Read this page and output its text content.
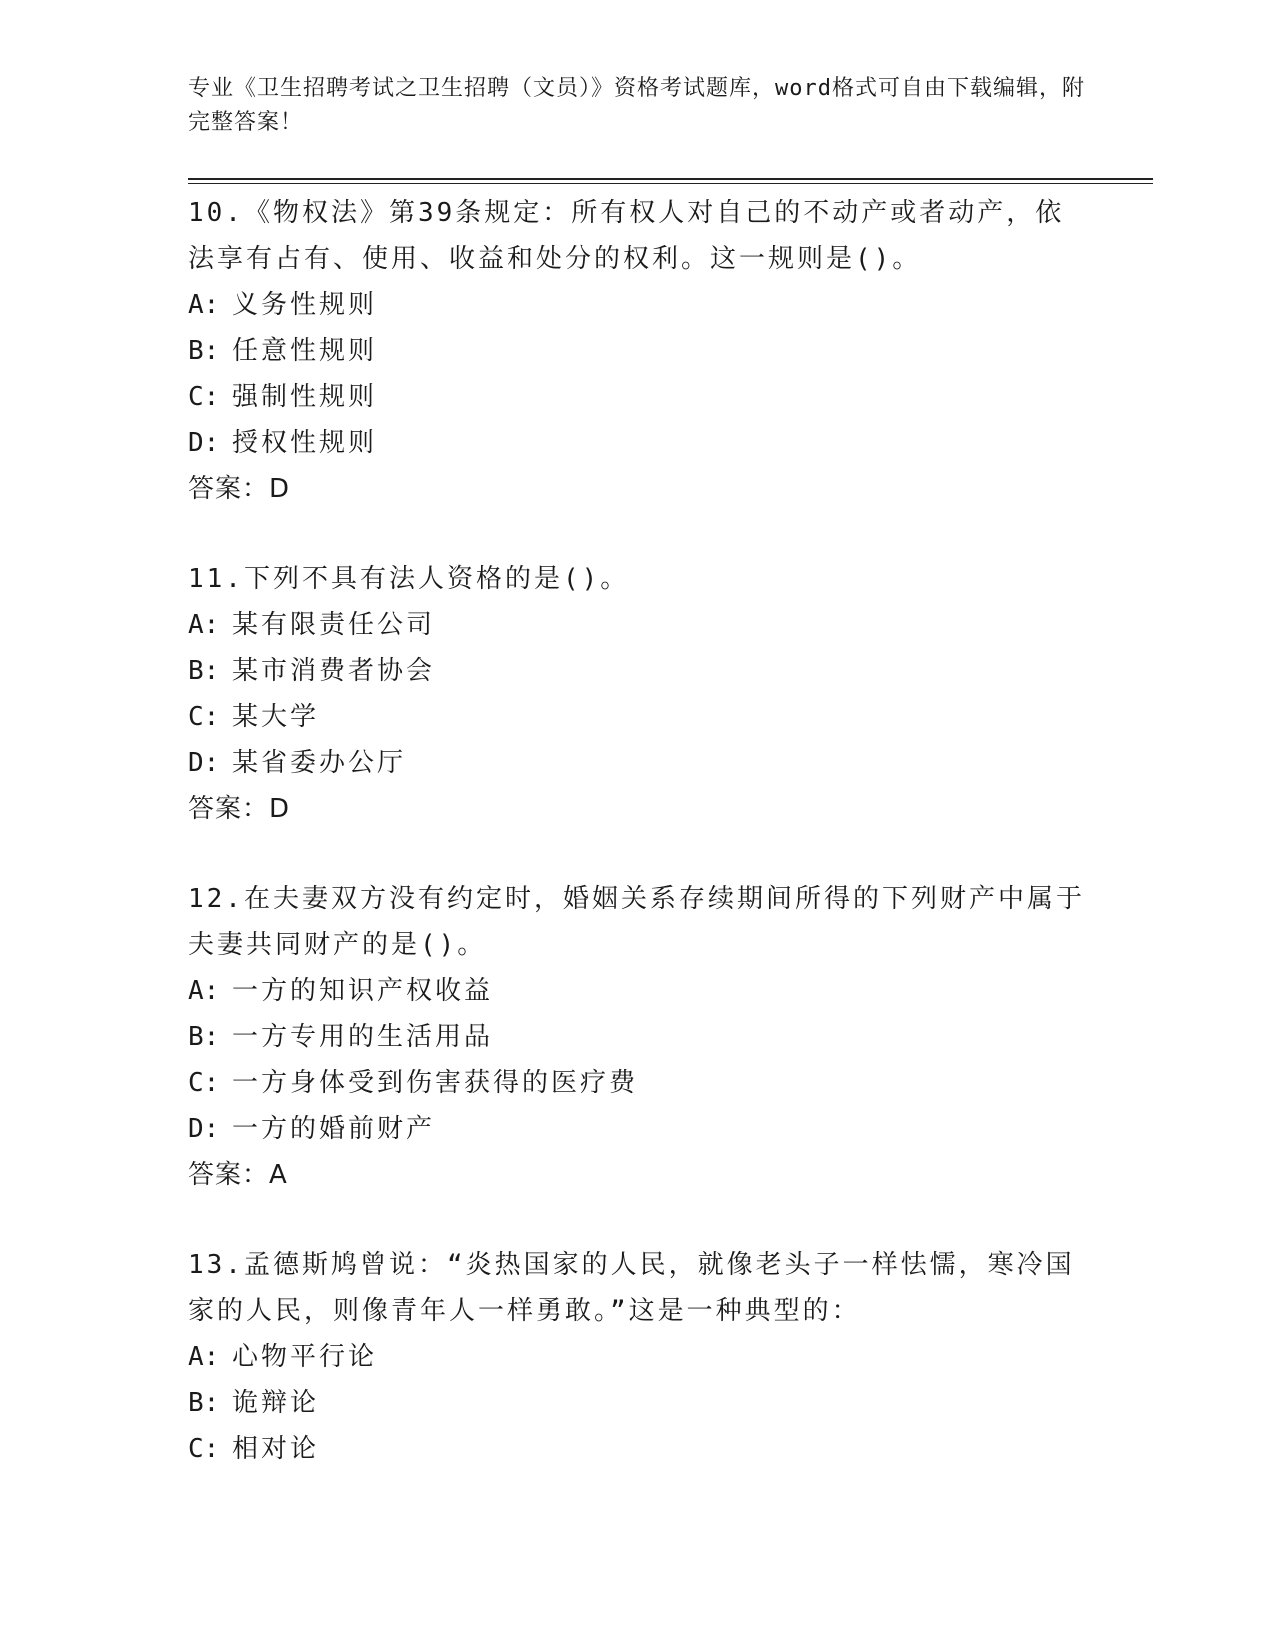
专业《卫生招聘考试之卫生招聘（文员）》资格考试题库，word格式可自由下载编辑，附完整答案！

10.《物权法》第39条规定：所有权人对自己的不动产或者动产，依法享有占有、使用、收益和处分的权利。这一规则是()。

A: 义务性规则

B: 任意性规则

C: 强制性规则

D: 授权性规则

答案：D

11.下列不具有法人资格的是()。

A: 某有限责任公司

B: 某市消费者协会

C: 某大学

D: 某省委办公厅

答案：D

12.在夫妻双方没有约定时，婚姻关系存续期间所得的下列财产中属于夫妻共同财产的是()。

A: 一方的知识产权收益

B: 一方专用的生活用品

C: 一方身体受到伤害获得的医疗费

D: 一方的婚前财产

答案：A

13.孟德斯鸠曾说：“炎热国家的人民，就像老头子一样怯懦，寒冷国家的人民，则像青年人一样勇敢。”这是一种典型的：

A: 心物平行论

B: 诡辩论

C: 相对论
